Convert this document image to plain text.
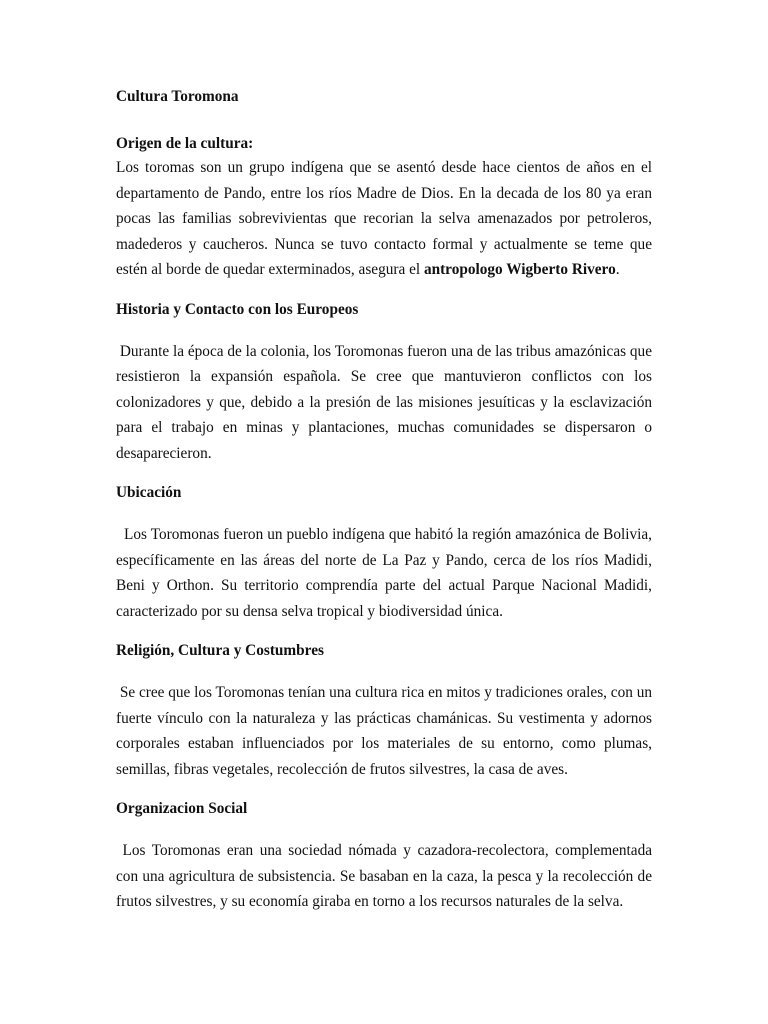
Cultura Toromona

Origen de la cultura:

Los toromas son un grupo indígena que se asentó desde hace cientos de años en el departamento de Pando, entre los ríos Madre de Dios. En la decada de los 80 ya eran pocas las familias sobrevivientas que recorian la selva amenazados por petroleros, madederos y caucheros. Nunca se tuvo contacto formal y actualmente se teme que estén al borde de quedar exterminados, asegura el antropologo Wigberto Rivero.

Historia y Contacto con los Europeos

Durante la época de la colonia, los Toromonas fueron una de las tribus amazónicas que resistieron la expansión española. Se cree que mantuvieron conflictos con los colonizadores y que, debido a la presión de las misiones jesuíticas y la esclavización para el trabajo en minas y plantaciones, muchas comunidades se dispersaron o desaparecieron.

Ubicación

Los Toromonas fueron un pueblo indígena que habitó la región amazónica de Bolivia, específicamente en las áreas del norte de La Paz y Pando, cerca de los ríos Madidi, Beni y Orthon. Su territorio comprendía parte del actual Parque Nacional Madidi, caracterizado por su densa selva tropical y biodiversidad única.

Religión, Cultura y Costumbres

Se cree que los Toromonas tenían una cultura rica en mitos y tradiciones orales, con un fuerte vínculo con la naturaleza y las prácticas chamánicas. Su vestimenta y adornos corporales estaban influenciados por los materiales de su entorno, como plumas, semillas, fibras vegetales, recolección de frutos silvestres, la casa de aves.

Organizacion Social

Los Toromonas eran una sociedad nómada y cazadora-recolectora, complementada con una agricultura de subsistencia. Se basaban en la caza, la pesca y la recolección de frutos silvestres, y su economía giraba en torno a los recursos naturales de la selva.
